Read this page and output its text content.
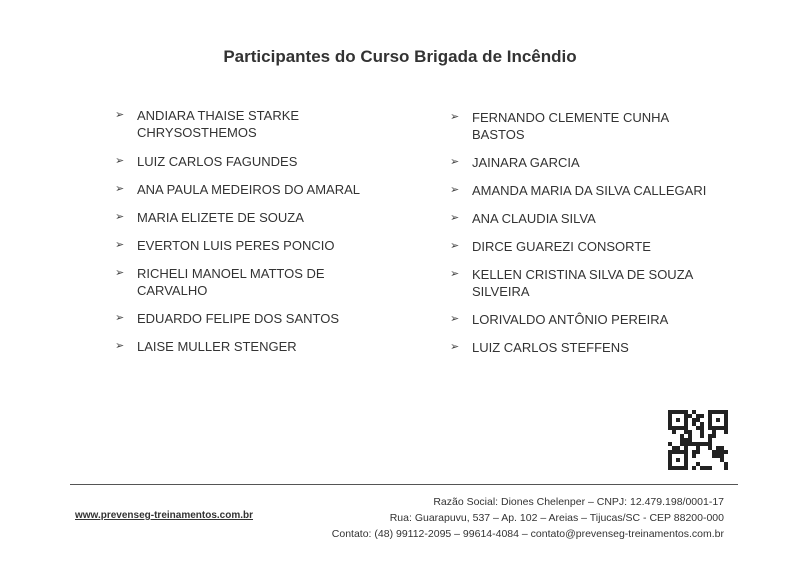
Participantes do Curso Brigada de Incêndio
➢ ANDIARA THAISE STARKE
CHRYSOSTHEMOS
➢ LUIZ CARLOS FAGUNDES
➢ ANA PAULA MEDEIROS DO AMARAL
➢ MARIA ELIZETE DE SOUZA
➢ EVERTON LUIS PERES PONCIO
➢ RICHELI MANOEL MATTOS DE
CARVALHO
➢ EDUARDO FELIPE DOS SANTOS
➢ LAISE MULLER STENGER
➢ FERNANDO CLEMENTE CUNHA
BASTOS
➢ JAINARA GARCIA
➢ AMANDA MARIA DA SILVA CALLEGARI
➢ ANA CLAUDIA SILVA
➢ DIRCE GUAREZI CONSORTE
➢ KELLEN CRISTINA SILVA DE SOUZA
SILVEIRA
➢ LORIVALDO ANTÔNIO PEREIRA
➢ LUIZ CARLOS STEFFENS
www.prevenseg-treinamentos.com.br
Razão Social: Diones Chelenper – CNPJ: 12.479.198/0001-17
Rua: Guarapuvu, 537 – Ap. 102 – Areias – Tijucas/SC - CEP 88200-000
Contato: (48) 99112-2095 – 99614-4084 – contato@prevenseg-treinamentos.com.br
